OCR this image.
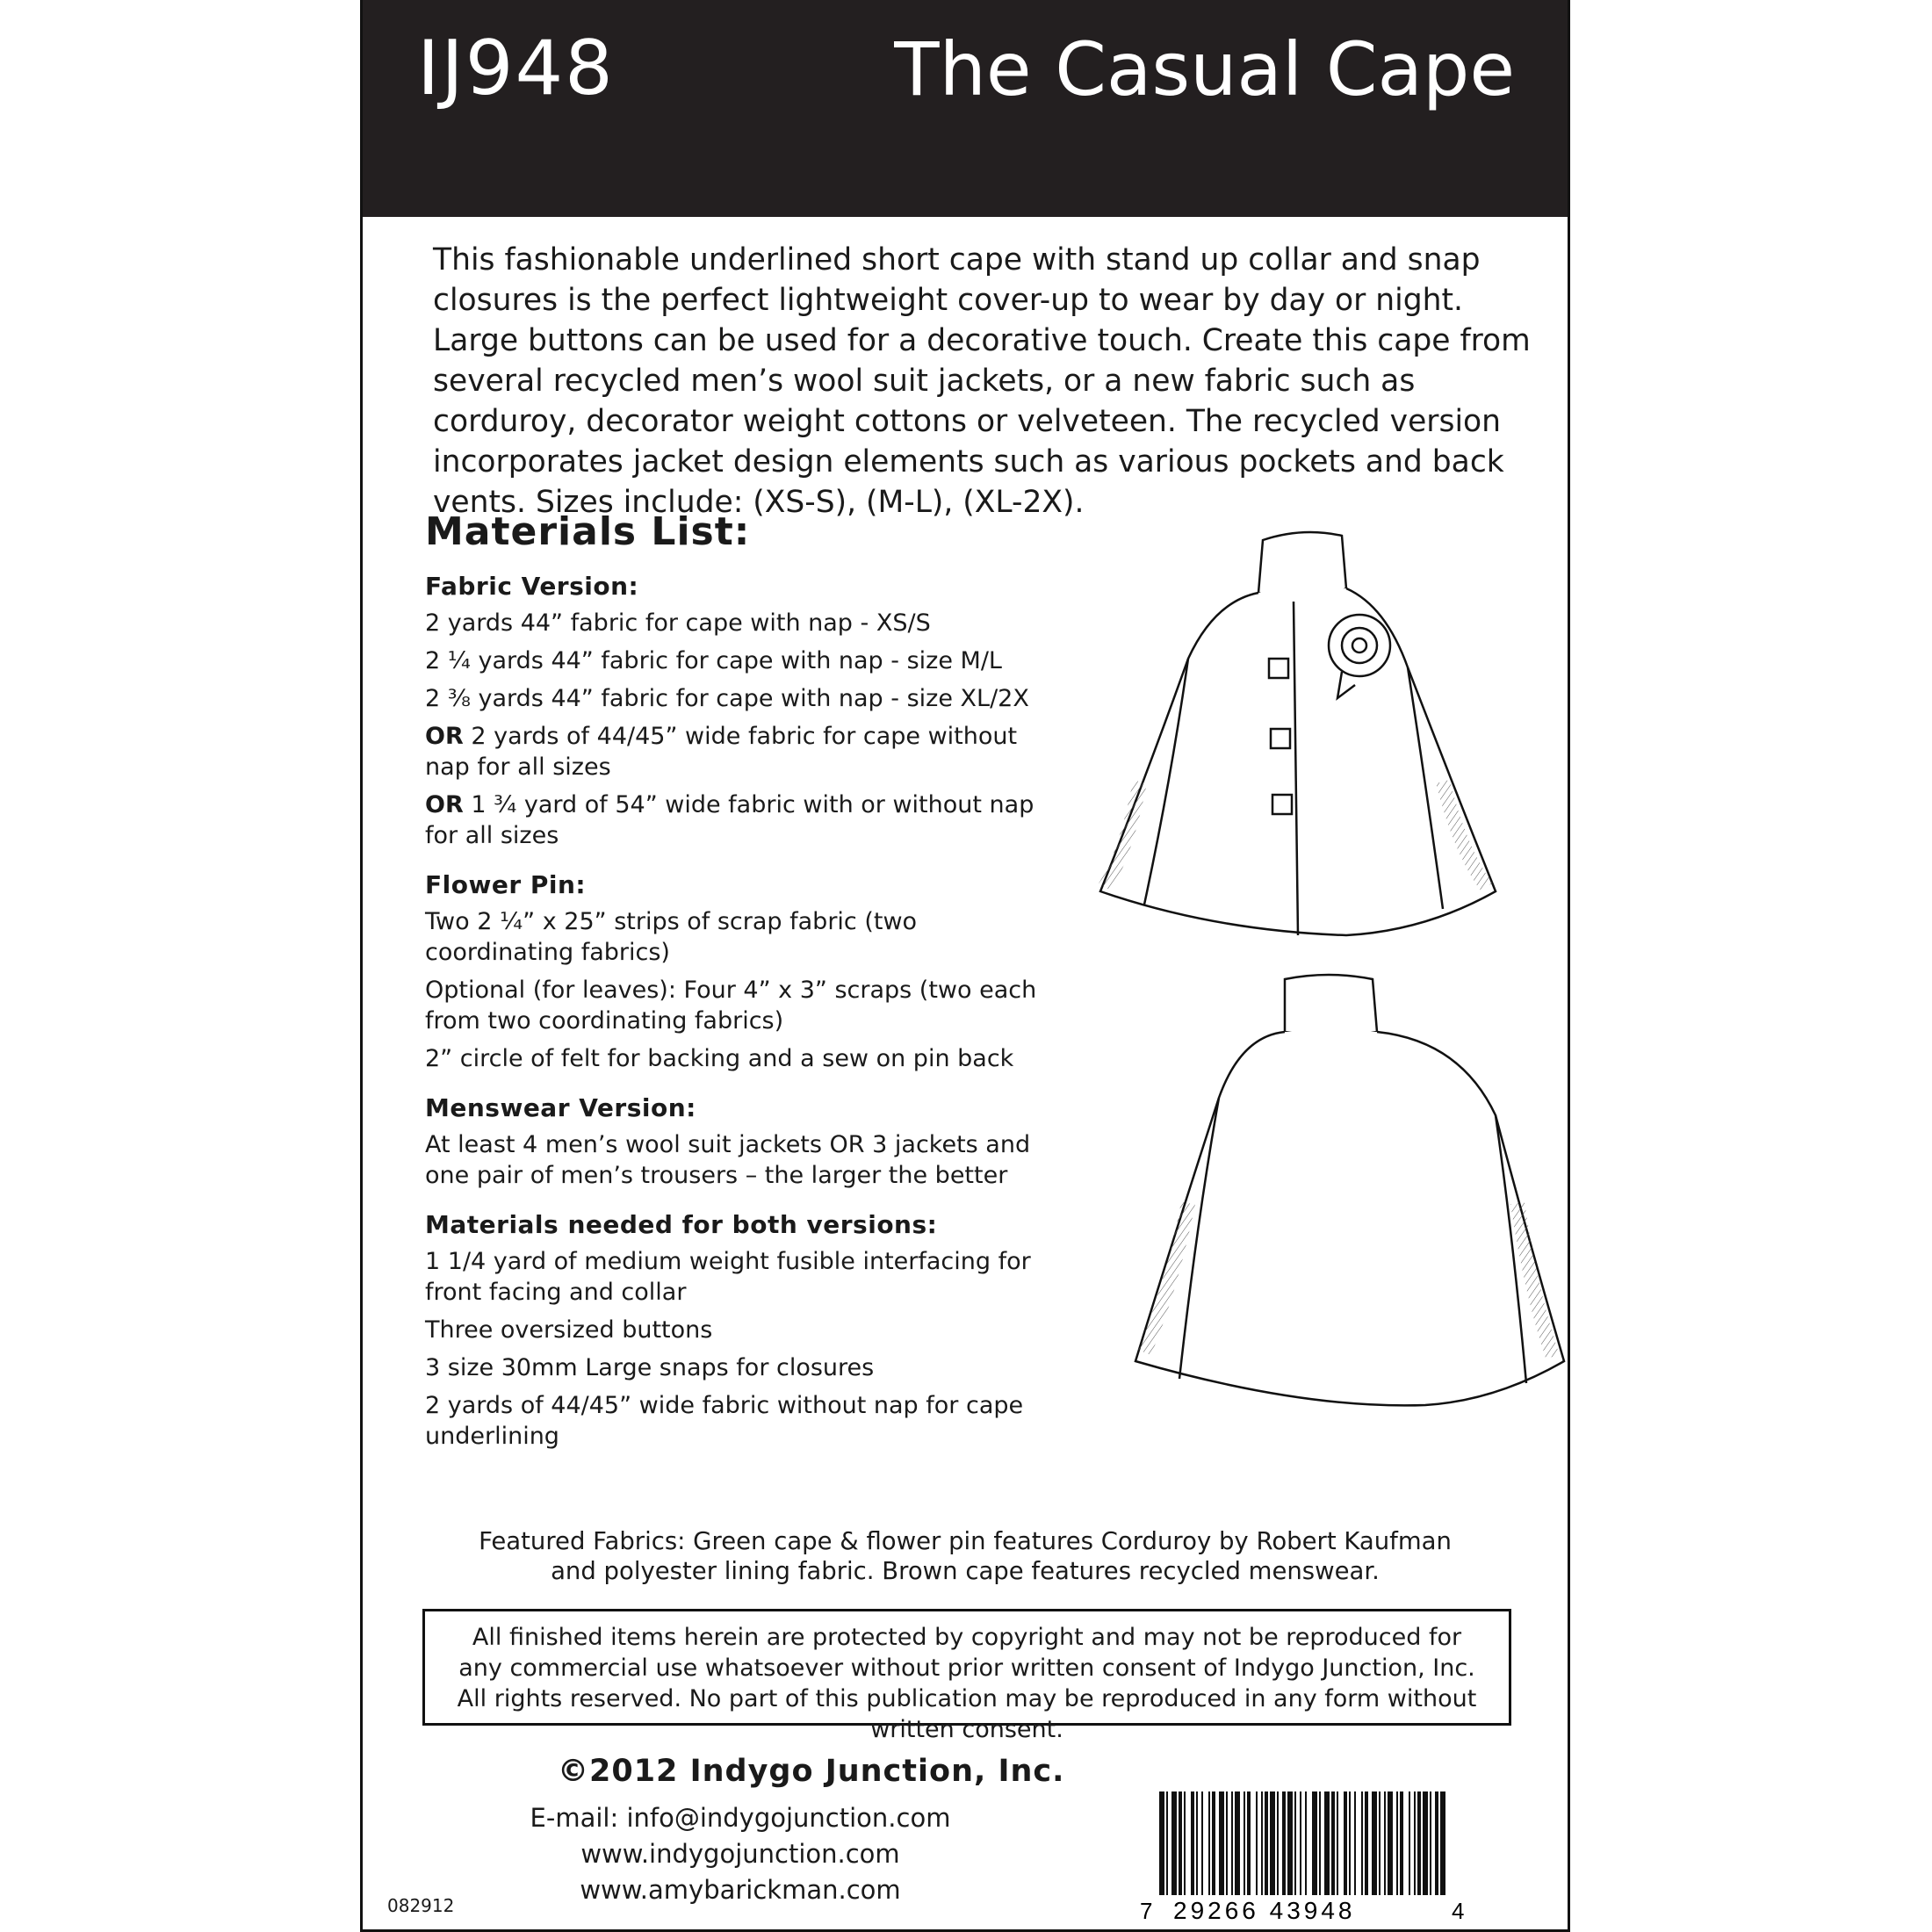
IJ948	The Casual Cape

This fashionable underlined short cape with stand up collar and snap closures is the perfect lightweight cover-up to wear by day or night. Large buttons can be used for a decorative touch. Create this cape from several recycled men’s wool suit jackets, or a new fabric such as corduroy, decorator weight cottons or velveteen. The recycled version incorporates jacket design elements such as various pockets and back vents. Sizes include: (XS-S), (M-L), (XL-2X).

Materials List:
Fabric Version:
2 yards 44” fabric for cape with nap - XS/S
2 ¼ yards 44” fabric for cape with nap - size M/L
2 ⅜ yards 44” fabric for cape with nap - size XL/2X
OR 2 yards of 44/45” wide fabric for cape without nap for all sizes
OR 1 ¾ yard of 54” wide fabric with or without nap for all sizes
Flower Pin:
Two 2 ¼” x 25” strips of scrap fabric (two coordinating fabrics)
Optional (for leaves): Four 4” x 3” scraps (two each from two coordinating fabrics)
2” circle of felt for backing and a sew on pin back
Menswear Version:
At least 4 men’s wool suit jackets OR 3 jackets and one pair of men’s trousers – the larger the better
Materials needed for both versions:
1 1/4 yard of medium weight fusible interfacing for front facing and collar
Three oversized buttons
3 size 30mm Large snaps for closures
2 yards of 44/45” wide fabric without nap for cape underlining

Featured Fabrics: Green cape & flower pin features Corduroy by Robert Kaufman
and polyester lining fabric. Brown cape features recycled menswear.

All finished items herein are protected by copyright and may not be reproduced for any commercial use whatsoever without prior written consent of Indygo Junction, Inc. All rights reserved. No part of this publication may be reproduced in any form without written consent.
©2012 Indygo Junction, Inc.
E-mail: info@indygojunction.com
www.indygojunction.com
www.amybarickman.com
082912	7 29266 43948	4
